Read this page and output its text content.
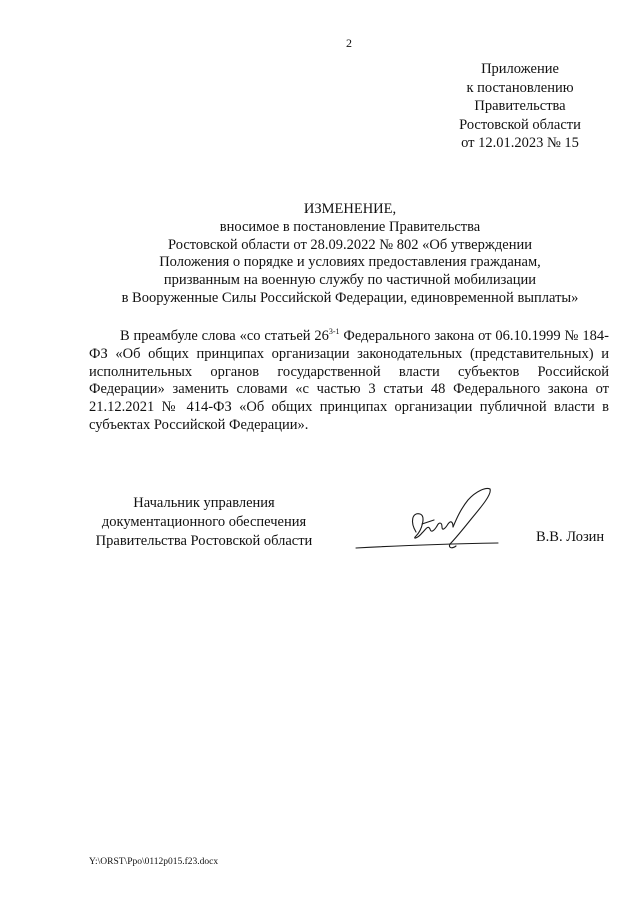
2
Приложение
к постановлению
Правительства
Ростовской области
от 12.01.2023 № 15
ИЗМЕНЕНИЕ,
вносимое в постановление Правительства
Ростовской области от 28.09.2022 № 802 «Об утверждении
Положения о порядке и условиях предоставления гражданам,
призванным на военную службу по частичной мобилизации
в Вооруженные Силы Российской Федерации, единовременной выплаты»

В преамбуле слова «со статьей 26$^{3-1}$ Федерального закона от 06.10.1999 № 184-ФЗ «Об общих принципах организации законодательных (представительных) и исполнительных органов государственной власти субъектов Российской Федерации» заменить словами «с частью 3 статьи 48 Федерального закона от 21.12.2021 № 414-ФЗ «Об общих принципах организации публичной власти в субъектах Российской Федерации».

Начальник управления
документационного обеспечения
Правительства Ростовской области	В.В. Лозин
Y:\ORST\Ppo\0112p015.f23.docx
